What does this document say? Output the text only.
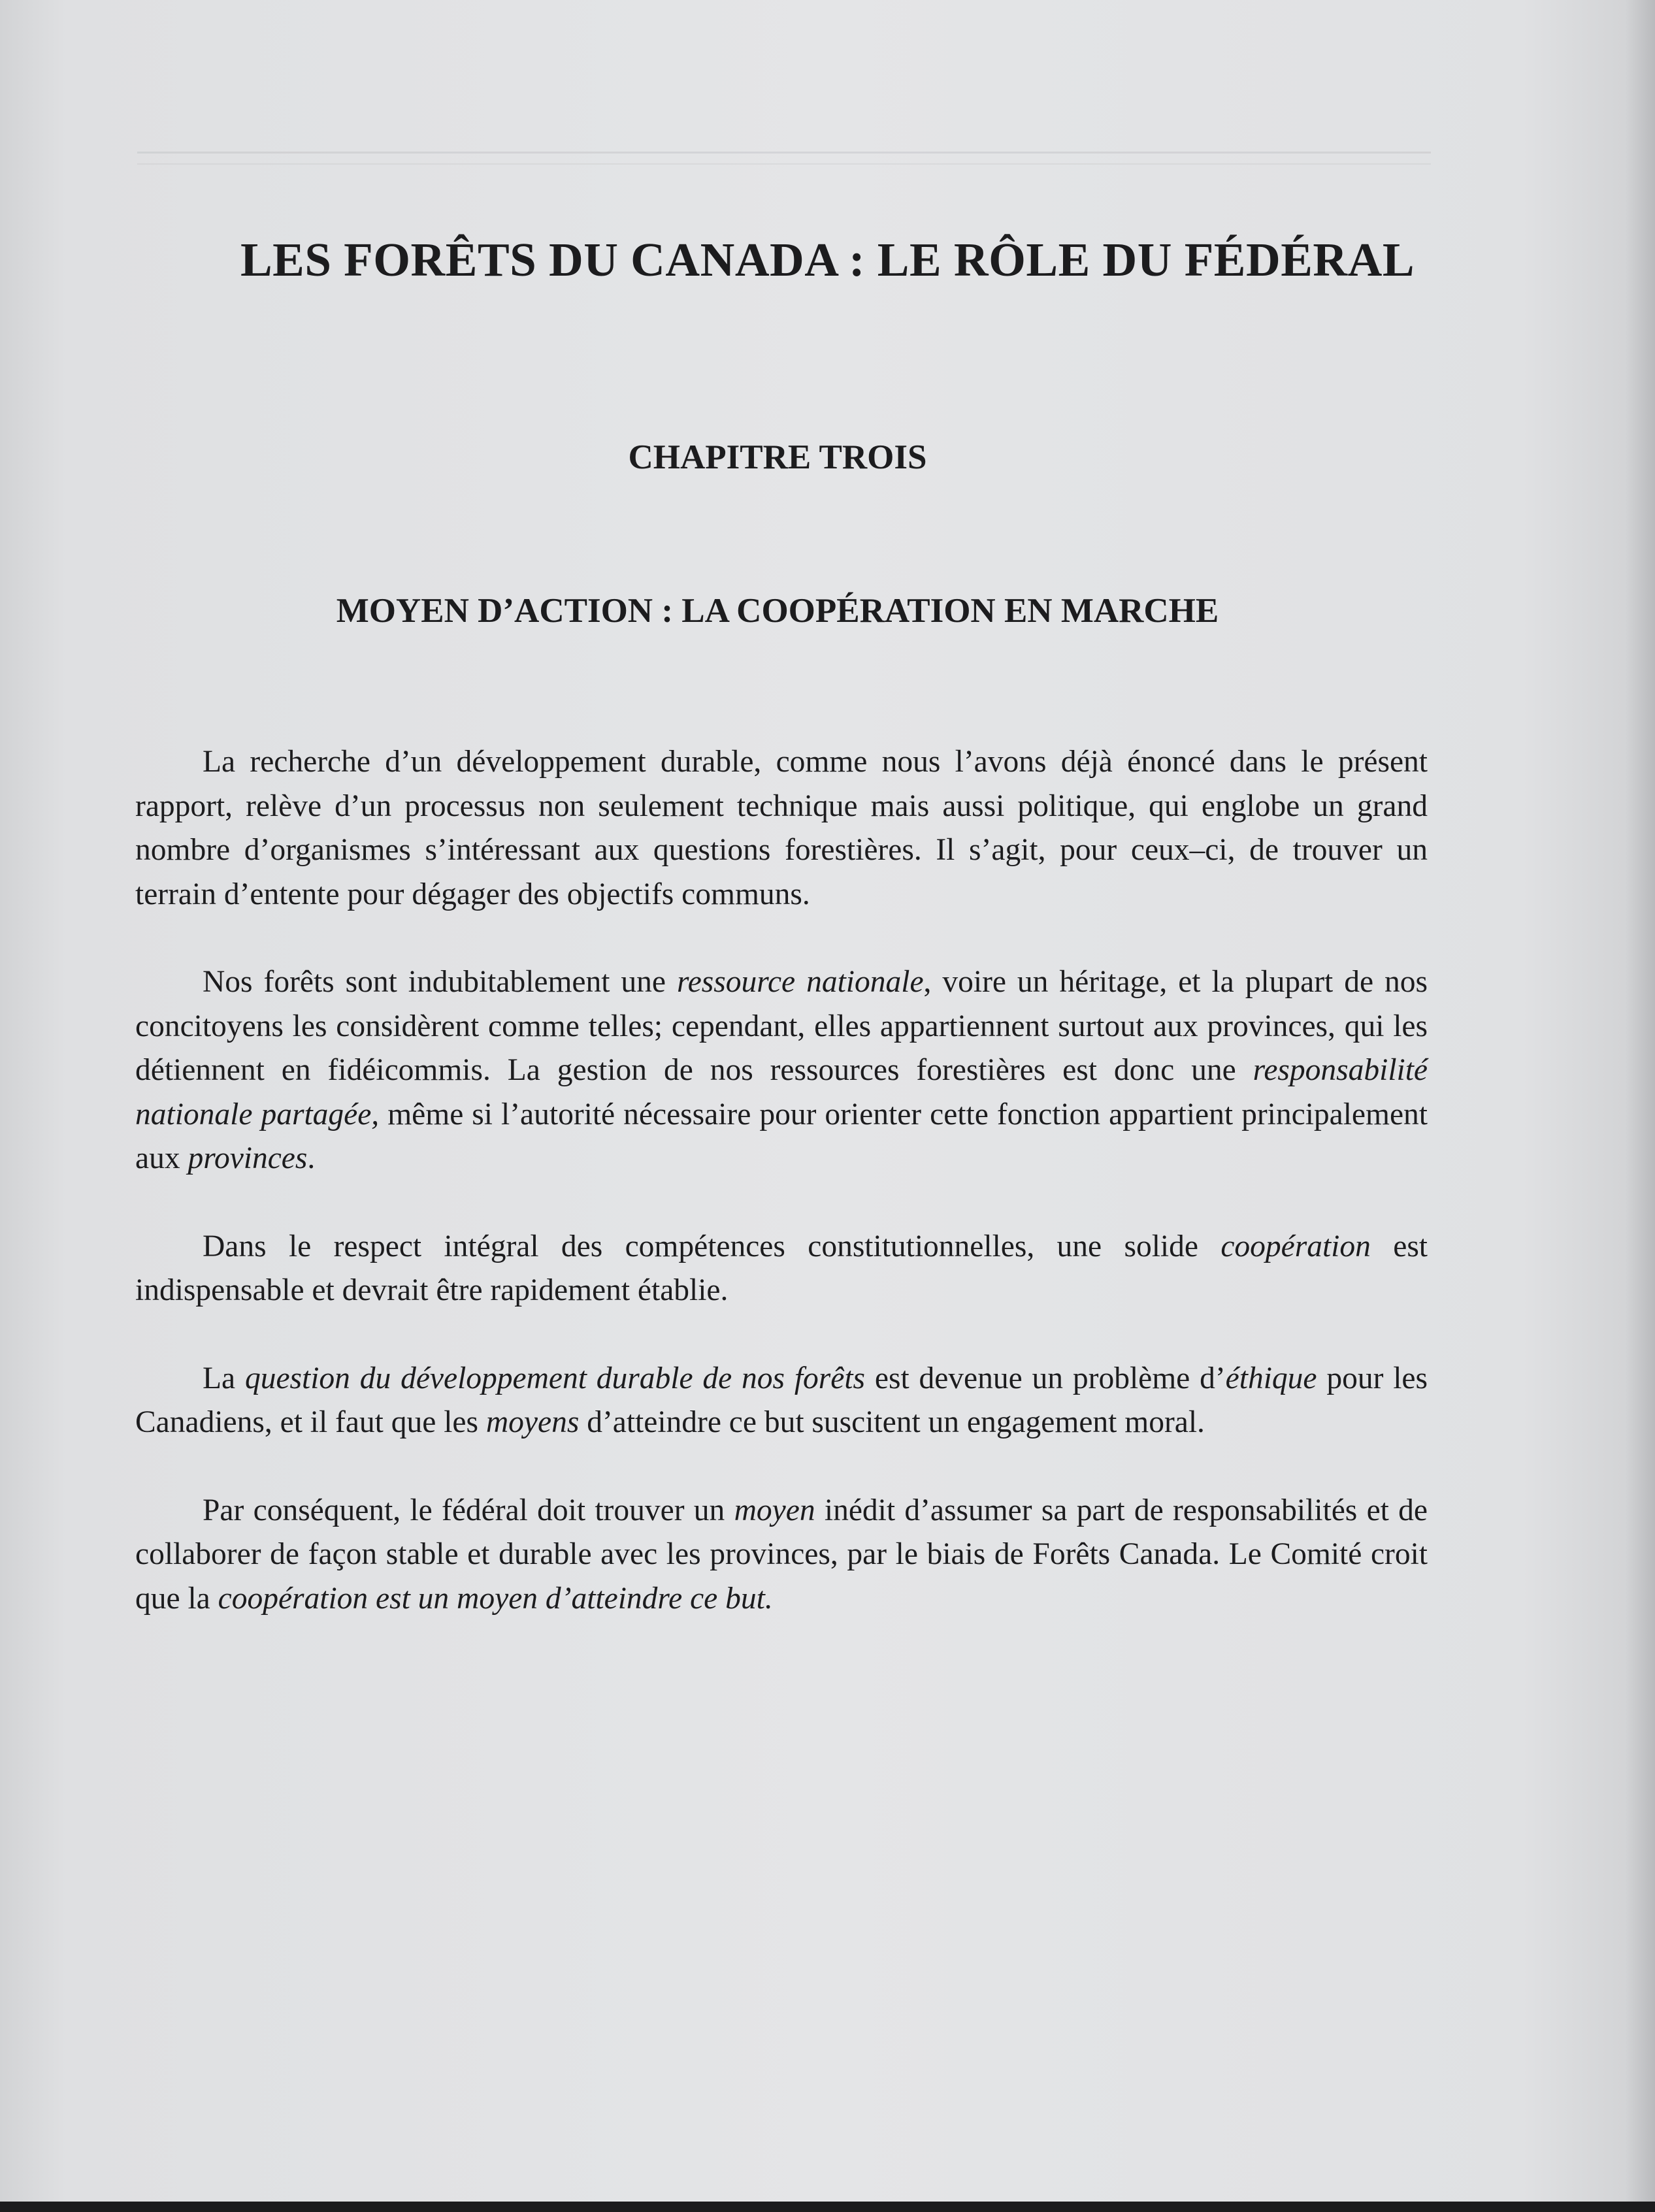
LES FORÊTS DU CANADA : LE RÔLE DU FÉDÉRAL
CHAPITRE TROIS
MOYEN D’ACTION : LA COOPÉRATION EN MARCHE

La recherche d’un développement durable, comme nous l’avons déjà énoncé dans le présent rapport, relève d’un processus non seulement technique mais aussi politique, qui englobe un grand nombre d’organismes s’intéressant aux questions forestières. Il s’agit, pour ceux–ci, de trouver un terrain d’entente pour dégager des objectifs communs.

Nos forêts sont indubitablement une ressource nationale, voire un héritage, et la plupart de nos concitoyens les considèrent comme telles; cependant, elles appartiennent surtout aux provinces, qui les détiennent en fidéicommis. La gestion de nos ressources forestières est donc une responsabilité nationale partagée, même si l’autorité nécessaire pour orienter cette fonction appartient principalement aux provinces.

Dans le respect intégral des compétences constitutionnelles, une solide coopération est indispensable et devrait être rapidement établie.

La question du développement durable de nos forêts est devenue un problème d’éthique pour les Canadiens, et il faut que les moyens d’atteindre ce but suscitent un engagement moral.

Par conséquent, le fédéral doit trouver un moyen inédit d’assumer sa part de responsabilités et de collaborer de façon stable et durable avec les provinces, par le biais de Forêts Canada. Le Comité croit que la coopération est un moyen d’atteindre ce but.
